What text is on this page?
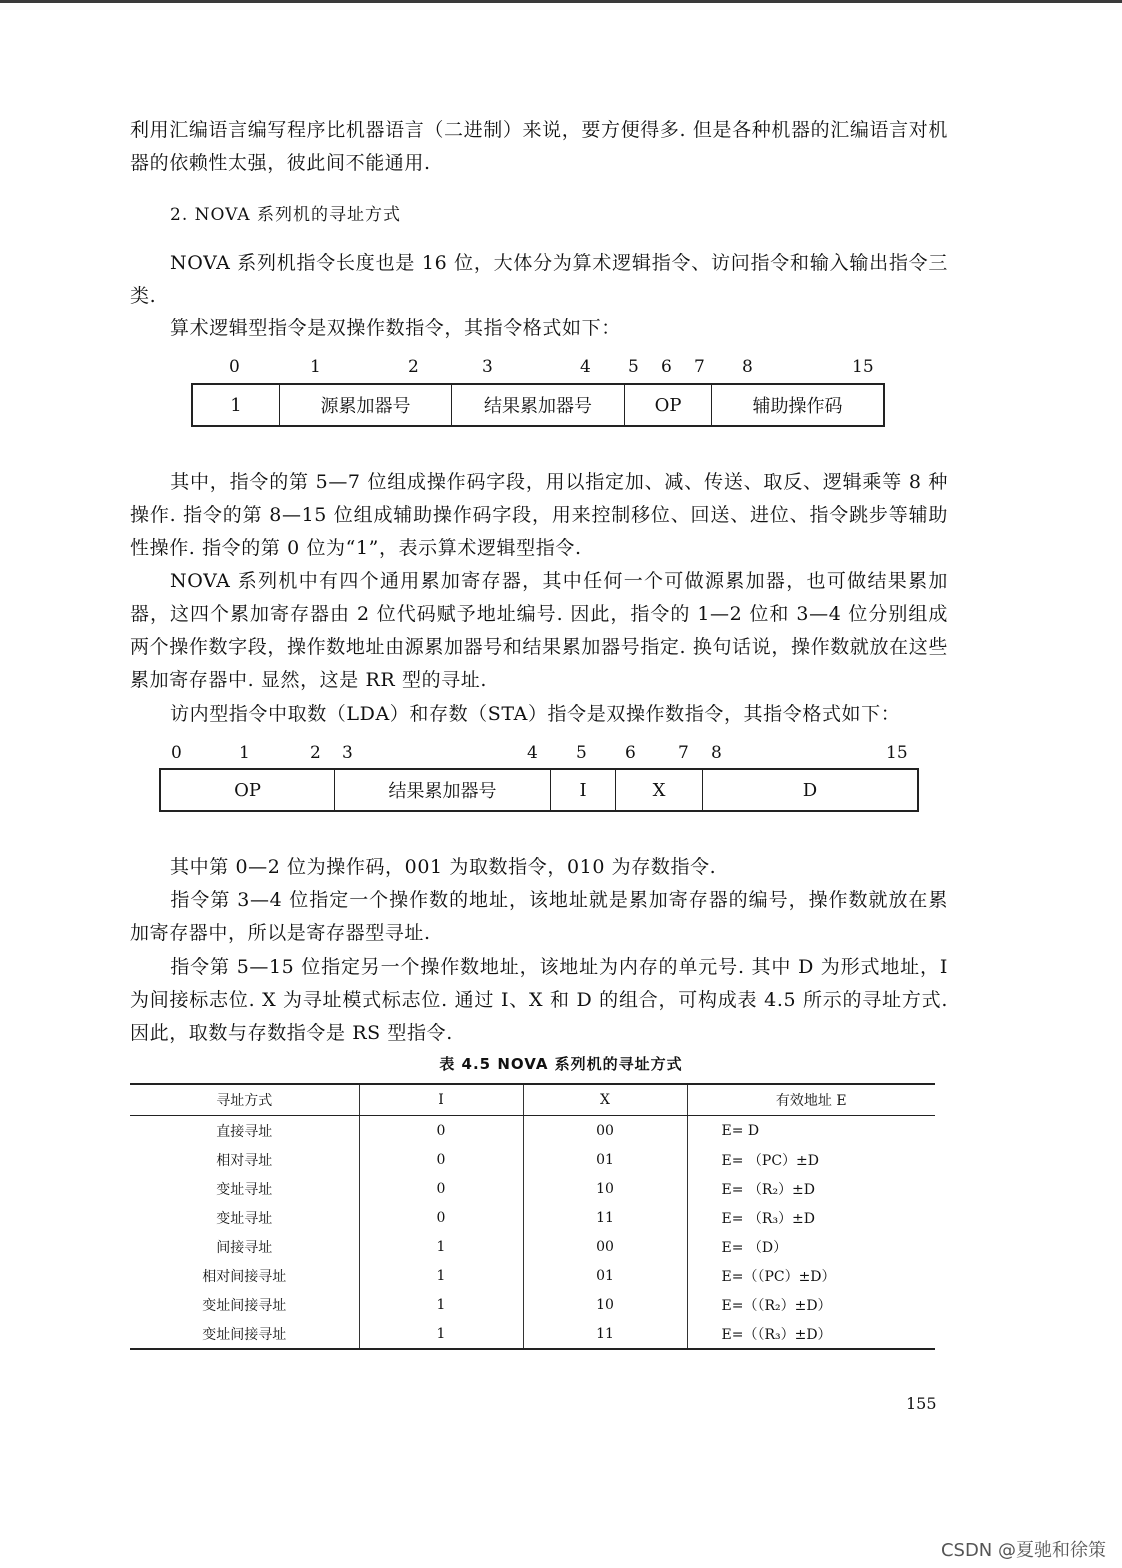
利用汇编语言编写程序比机器语言（二进制）来说，要方便得多. 但是各种机器的汇编语言对机器的依赖性太强，彼此间不能通用.

2. NOVA 系列机的寻址方式

NOVA 系列机指令长度也是 16 位，大体分为算术逻辑指令、访问指令和输入输出指令三类.

算术逻辑型指令是双操作数指令，其指令格式如下：

0	1	2	3	4 5 6 7 8	15
1	源累加器号	结果累加器号	OP	辅助操作码

其中，指令的第 5—7 位组成操作码字段，用以指定加、减、传送、取反、逻辑乘等 8 种操作. 指令的第 8—15 位组成辅助操作码字段，用来控制移位、回送、进位、指令跳步等辅助性操作. 指令的第 0 位为“1”，表示算术逻辑型指令.

NOVA 系列机中有四个通用累加寄存器，其中任何一个可做源累加器，也可做结果累加器，这四个累加寄存器由 2 位代码赋予地址编号. 因此，指令的 1—2 位和 3—4 位分别组成两个操作数字段，操作数地址由源累加器号和结果累加器号指定. 换句话说，操作数就放在这些累加寄存器中. 显然，这是 RR 型的寻址.

访内型指令中取数（LDA）和存数（STA）指令是双操作数指令，其指令格式如下：

0	1	2 3	4 5 6 7 8	15
OP	结果累加器号	I	X	D

其中第 0—2 位为操作码，001 为取数指令，010 为存数指令.

指令第 3—4 位指定一个操作数的地址，该地址就是累加寄存器的编号，操作数就放在累加寄存器中，所以是寄存器型寻址.

指令第 5—15 位指定另一个操作数地址，该地址为内存的单元号. 其中 D 为形式地址，I 为间接标志位. X 为寻址模式标志位. 通过 I、X 和 D 的组合，可构成表 4.5 所示的寻址方式. 因此，取数与存数指令是 RS 型指令.

表 4.5 NOVA 系列机的寻址方式
寻址方式	I	X	有效地址 E
直接寻址	0	00	E= D
相对寻址	0	01	E= （PC）±D
变址寻址	0	10	E= （R₂）±D
变址寻址	0	11	E= （R₃）±D
间接寻址	1	00	E= （D）
相对间接寻址	1	01	E=（（PC）±D）
变址间接寻址	1	10	E=（（R₂）±D）
变址间接寻址	1	11	E=（（R₃）±D）
155
CSDN @夏驰和徐策
